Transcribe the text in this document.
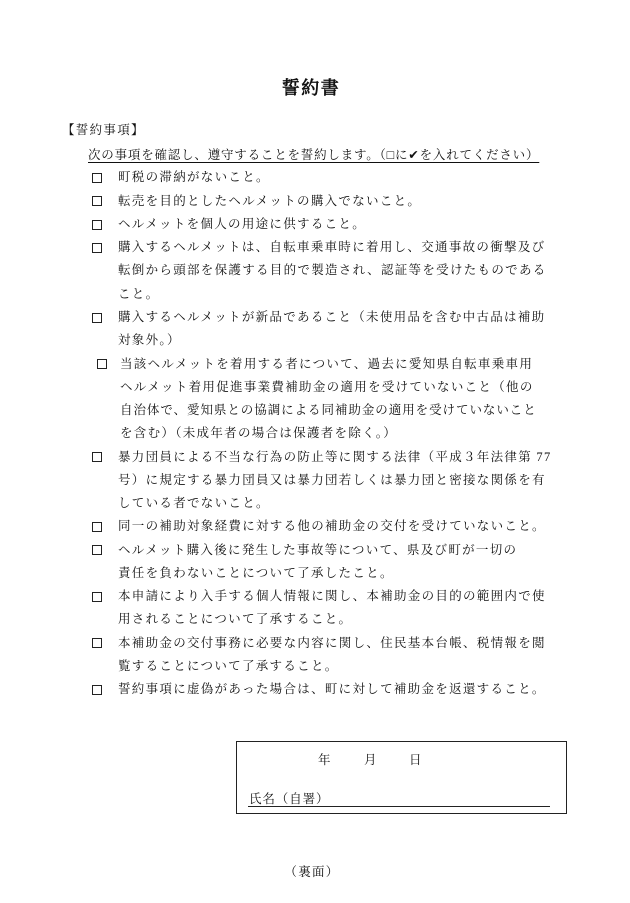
誓約書
【誓約事項】
次の事項を確認し、遵守することを誓約します。（□に✔を入れてください）
町税の滞納がないこと。
転売を目的としたヘルメットの購入でないこと。
ヘルメットを個人の用途に供すること。
購入するヘルメットは、自転車乗車時に着用し、交通事故の衝撃及び
転倒から頭部を保護する目的で製造され、認証等を受けたものである
こと。
購入するヘルメットが新品であること（未使用品を含む中古品は補助
対象外。）
当該ヘルメットを着用する者について、過去に愛知県自転車乗車用
ヘルメット着用促進事業費補助金の適用を受けていないこと（他の
自治体で、愛知県との協調による同補助金の適用を受けていないこと
を含む）（未成年者の場合は保護者を除く。）
暴力団員による不当な行為の防止等に関する法律（平成３年法律第 77
号）に規定する暴力団員又は暴力団若しくは暴力団と密接な関係を有
している者でないこと。
同一の補助対象経費に対する他の補助金の交付を受けていないこと。
ヘルメット購入後に発生した事故等について、県及び町が一切の
責任を負わないことについて了承したこと。
本申請により入手する個人情報に関し、本補助金の目的の範囲内で使
用されることについて了承すること。
本補助金の交付事務に必要な内容に関し、住民基本台帳、税情報を閲
覧することについて了承すること。
誓約事項に虚偽があった場合は、町に対して補助金を返還すること。
年	月 日
氏名（自署）
（裏面）
